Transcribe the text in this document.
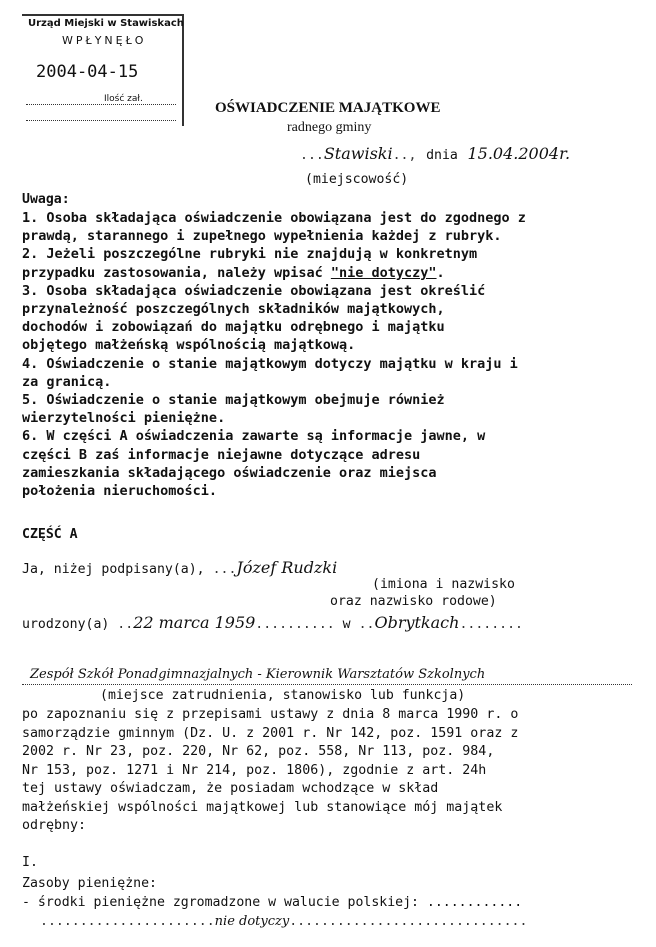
Urząd Miejski w Stawiskach
WPŁYNĘŁO
2004-04-15
Ilość zał.
OŚWIADCZENIE MAJĄTKOWE
radnego gminy
...Stawiski.., dnia 15.04.2004r.
(miejscowość)
Uwaga:
1. Osoba składająca oświadczenie obowiązana jest do zgodnego z
prawdą, starannego i zupełnego wypełnienia każdej z rubryk.
2. Jeżeli poszczególne rubryki nie znajdują w konkretnym
przypadku zastosowania, należy wpisać "nie dotyczy".
3. Osoba składająca oświadczenie obowiązana jest określić
przynależność poszczególnych składników majątkowych,
dochodów i zobowiązań do majątku odrębnego i majątku
objętego małżeńską wspólnością majątkową.
4. Oświadczenie o stanie majątkowym dotyczy majątku w kraju i
za granicą.
5. Oświadczenie o stanie majątkowym obejmuje również
wierzytelności pieniężne.
6. W części A oświadczenia zawarte są informacje jawne, w
części B zaś informacje niejawne dotyczące adresu
zamieszkania składającego oświadczenie oraz miejsca
położenia nieruchomości.
CZĘŚĆ A
Ja, niżej podpisany(a), ...Józef Rudzki
(imiona i nazwisko
oraz nazwisko rodowe)
urodzony(a) ..22 marca 1959.......... w ..Obrytkach........
Zespół Szkół Ponadgimnazjalnych - Kierownik Warsztatów Szkolnych
(miejsce zatrudnienia, stanowisko lub funkcja)
po zapoznaniu się z przepisami ustawy z dnia 8 marca 1990 r. o
samorządzie gminnym (Dz. U. z 2001 r. Nr 142, poz. 1591 oraz z
2002 r. Nr 23, poz. 220, Nr 62, poz. 558, Nr 113, poz. 984,
Nr 153, poz. 1271 i Nr 214, poz. 1806), zgodnie z art. 24h
tej ustawy oświadczam, że posiadam wchodzące w skład
małżeńskiej wspólności majątkowej lub stanowiące mój majątek
odrębny:
I.
Zasoby pieniężne:
- środki pieniężne zgromadzone w walucie polskiej: ............
......................nie dotyczy..............................
